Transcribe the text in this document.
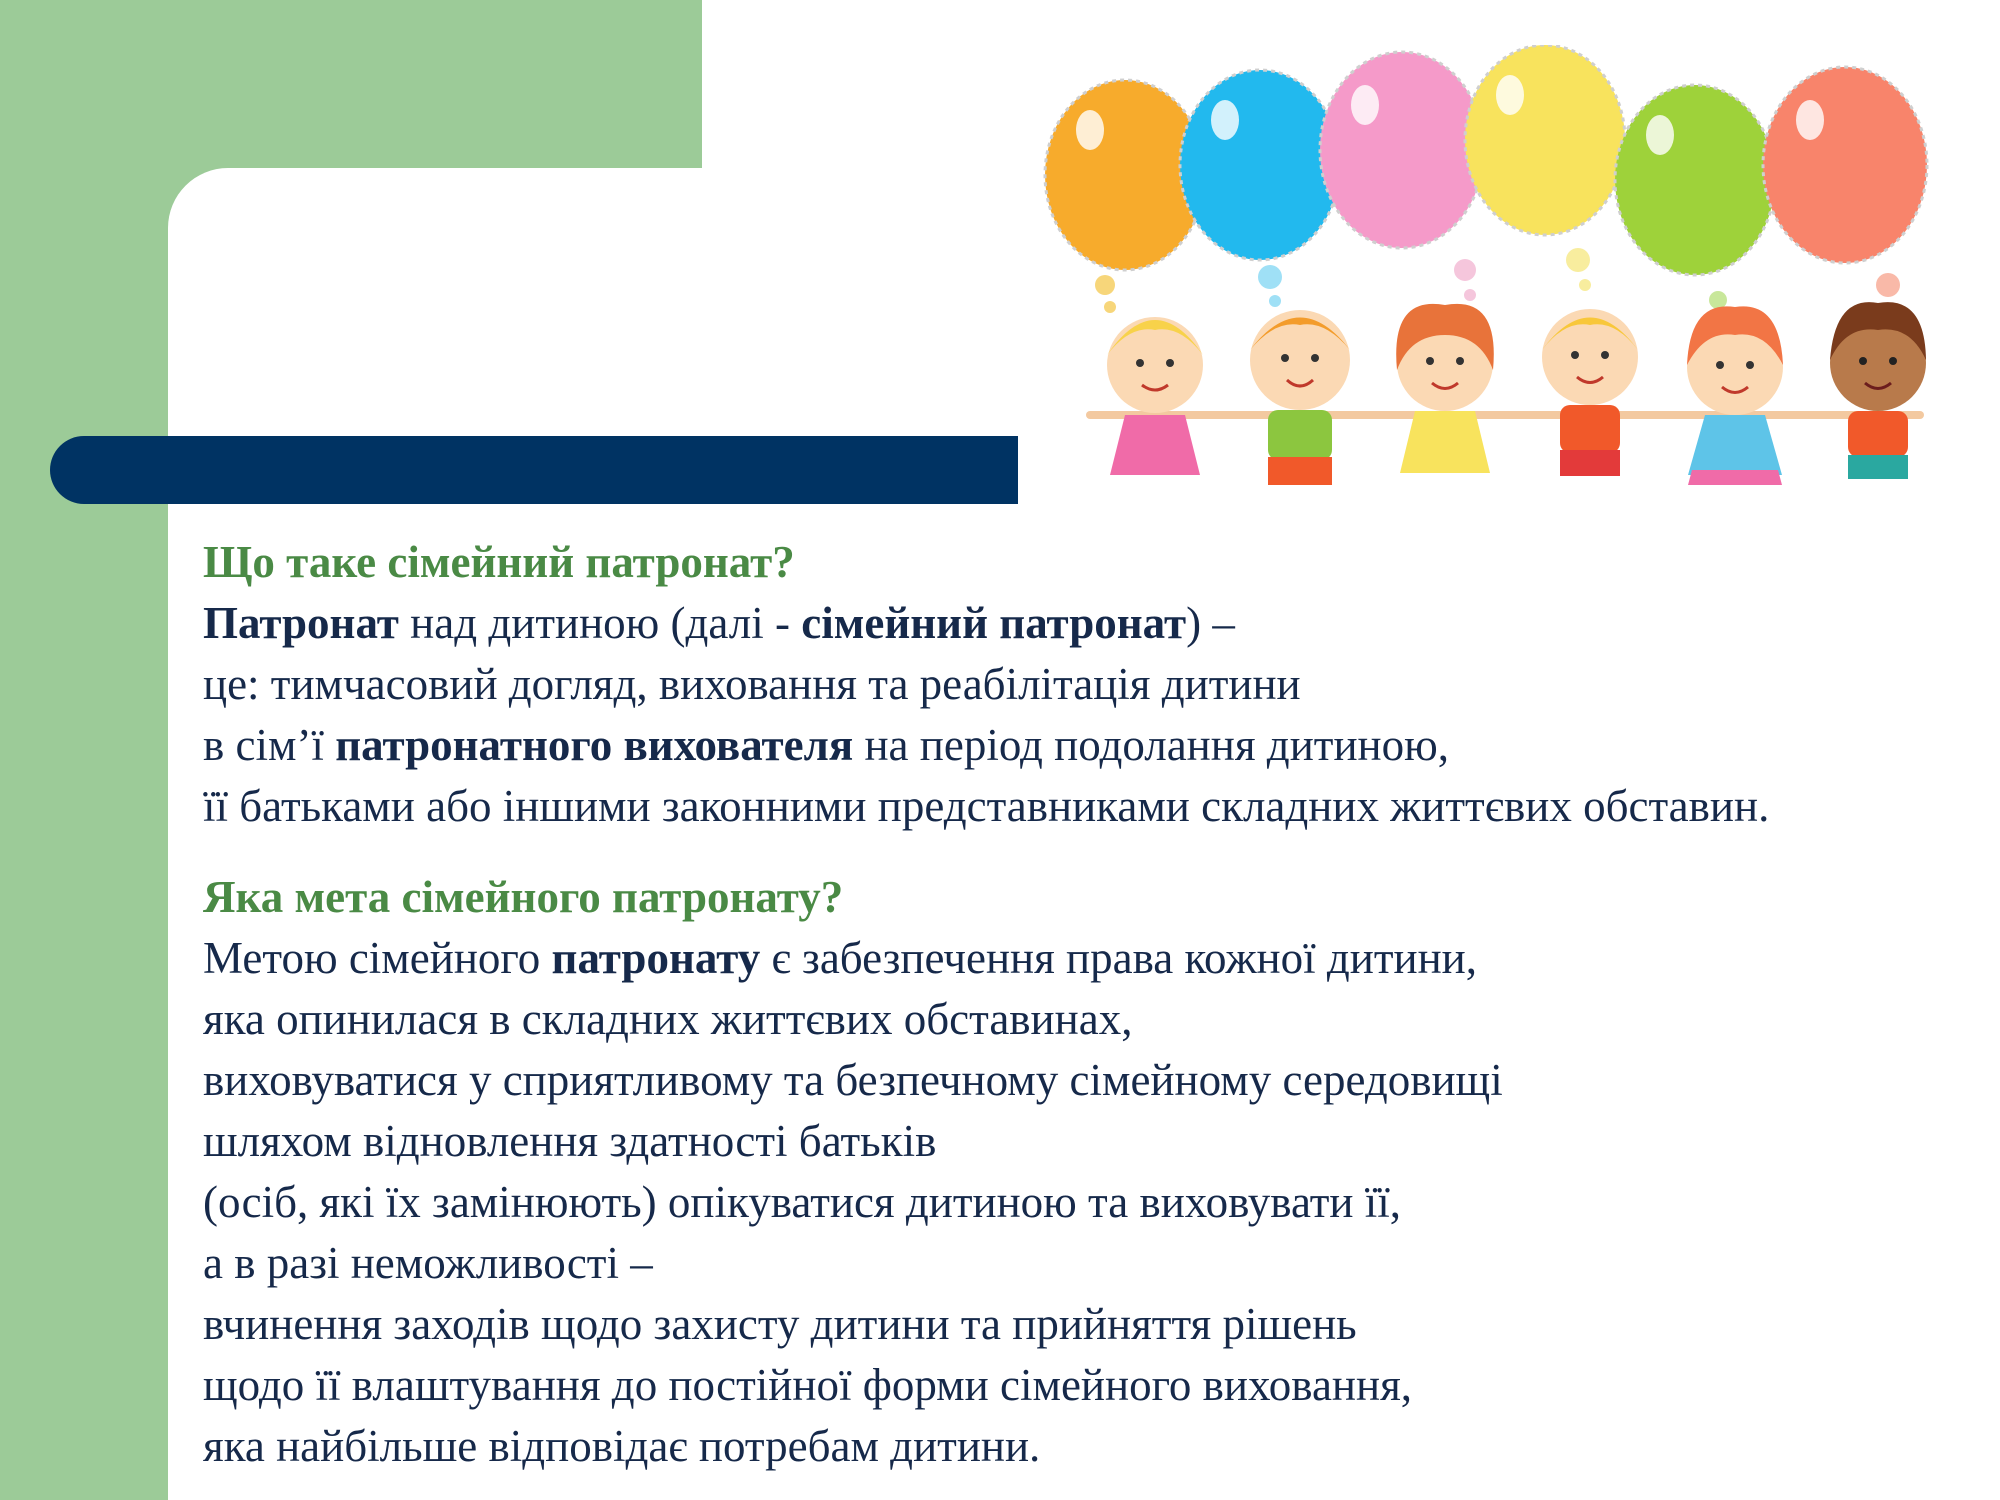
Що таке сімейний патронат?

Патронат над дитиною (далі - сімейний патронат) –

це: тимчасовий догляд, виховання та реабілітація дитини

в сім’ї патронатного вихователя на період подолання дитиною,

її батьками або іншими законними представниками складних життєвих обставин.

Яка мета сімейного патронату?

Метою сімейного патронату є забезпечення права кожної дитини,

яка опинилася в складних життєвих обставинах,

виховуватися у сприятливому та безпечному сімейному середовищі

шляхом відновлення здатності батьків

(осіб, які їх замінюють) опікуватися дитиною та виховувати її,

а в разі неможливості –

вчинення заходів щодо захисту дитини та прийняття рішень

щодо її влаштування до постійної форми сімейного виховання,

яка найбільше відповідає потребам дитини.
